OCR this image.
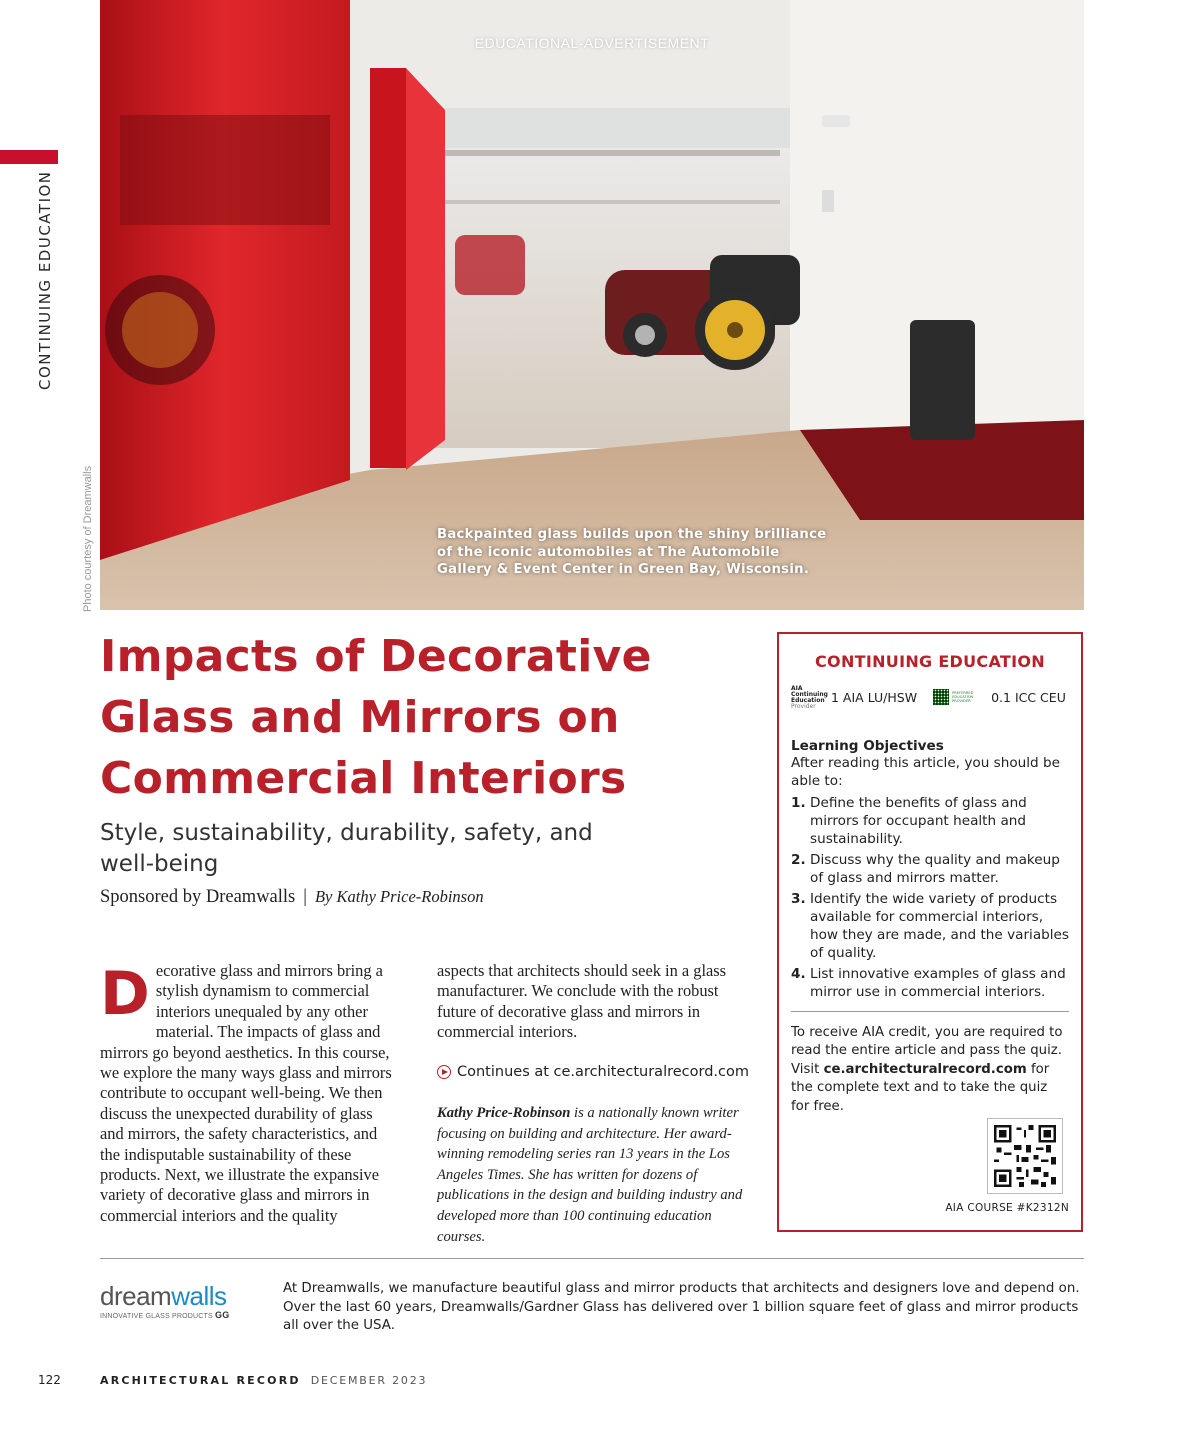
CONTINUING EDUCATION
Photo courtesy of Dreamwalls
EDUCATIONAL-ADVERTISEMENT
Backpainted glass builds upon the shiny brilliance of the iconic automobiles at The Automobile Gallery & Event Center in Green Bay, Wisconsin.
Impacts of Decorative Glass and Mirrors on Commercial Interiors
Style, sustainability, durability, safety, and well-being
Sponsored by Dreamwalls | By Kathy Price-Robinson
Decorative glass and mirrors bring a stylish dynamism to commercial interiors unequaled by any other material. The impacts of glass and mirrors go beyond aesthetics. In this course, we explore the many ways glass and mirrors contribute to occupant well-being. We then discuss the unexpected durability of glass and mirrors, the safety characteristics, and the indisputable sustainability of these products. Next, we illustrate the expansive variety of decorative glass and mirrors in commercial interiors and the quality
aspects that architects should seek in a glass manufacturer. We conclude with the robust future of decorative glass and mirrors in commercial interiors.
Continues at ce.architecturalrecord.com
Kathy Price-Robinson is a nationally known writer focusing on building and architecture. Her award-winning remodeling series ran 13 years in the Los Angeles Times. She has written for dozens of publications in the design and building industry and developed more than 100 continuing education courses.
CONTINUING EDUCATION
AIA
Continuing
Education
Provider
1 AIA LU/HSW	PREFERRED
EDUCATION
PROVIDER 0.1 ICC CEU
Learning Objectives
After reading this article, you should be able to:
1. Define the benefits of glass and mirrors for occupant health and sustainability.
2. Discuss why the quality and makeup of glass and mirrors matter.
3. Identify the wide variety of products available for commercial interiors, how they are made, and the variables of quality.
4. List innovative examples of glass and mirror use in commercial interiors.
To receive AIA credit, you are required to read the entire article and pass the quiz. Visit ce.architecturalrecord.com for the complete text and to take the quiz for free.
AIA COURSE #K2312N
dreamwalls
INNOVATIVE GLASS PRODUCTS GG
At Dreamwalls, we manufacture beautiful glass and mirror products that architects and designers love and depend on. Over the last 60 years, Dreamwalls/Gardner Glass has delivered over 1 billion square feet of glass and mirror products all over the USA.
122	ARCHITECTURAL RECORD DECEMBER 2023
